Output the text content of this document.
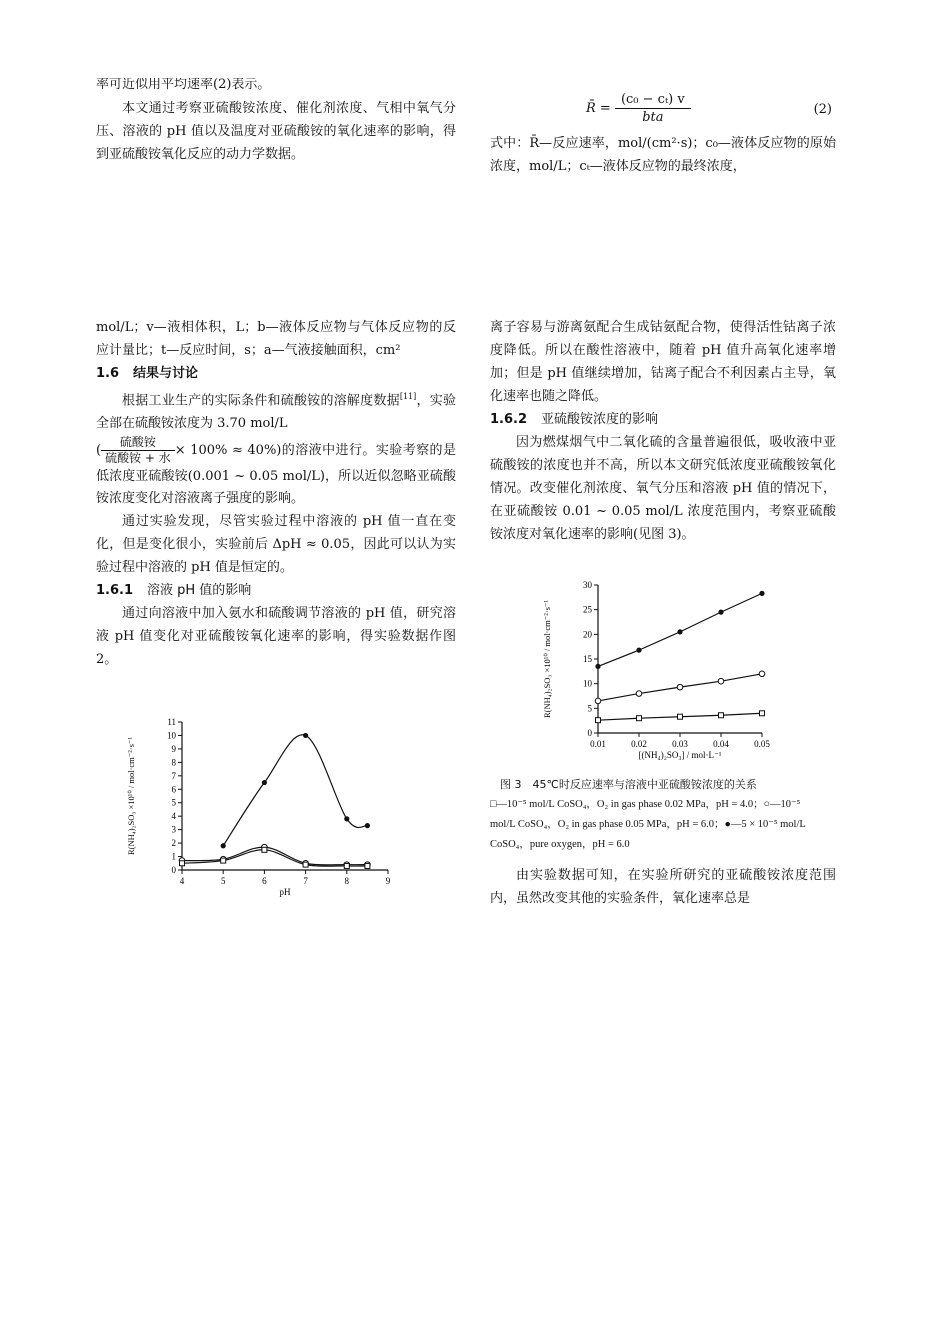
率可近似用平均速率(2)表示。

本文通过考察亚硫酸铵浓度、催化剂浓度、气相中氧气分压、溶液的 pH 值以及温度对亚硫酸铵的氧化速率的影响，得到亚硫酸铵氧化反应的动力学数据。

R̄ = $\frac{\text{(c₀ − cₜ) v}}{\text{bta}}$	(2)

式中：R̄—反应速率，mol/(cm²·s)；c₀—液体反应物的原始浓度，mol/L；cₜ—液体反应物的最终浓度，

mol/L；v—液相体积，L；b—液体反应物与气体反应物的反应计量比；t—反应时间，s；a—气液接触面积，cm²

1.6 结果与讨论

根据工业生产的实际条件和硫酸铵的溶解度数据[11]，实验全部在硫酸铵浓度为 3.70 mol/L

( $\frac{\text{硫酸铵}}{\text{硫酸铵 + 水}} \times 100\% \approx 40\%$)的溶液中进行。实验考察的是低浓度亚硫酸铵(0.001 ~ 0.05 mol/L)，所以近似忽略亚硫酸铵浓度变化对溶液离子强度的影响。

通过实验发现，尽管实验过程中溶液的 pH 值一直在变化，但是变化很小，实验前后 ΔpH ≈ 0.05，因此可以认为实验过程中溶液的 pH 值是恒定的。

1.6.1 溶液 pH 值的影响

通过向溶液中加入氨水和硫酸调节溶液的 pH 值，研究溶液 pH 值变化对亚硫酸铵氧化速率的影响，得实验数据作图 2。

4	5	6	7	8	9
0
1
2
3
4
5
6
7
8
9
10
11
pH
R(NH₄)₂SO₃ ×10¹⁰ / mol·cm⁻²·s⁻¹

离子容易与游离氨配合生成钴氨配合物，使得活性钴离子浓度降低。所以在酸性溶液中，随着 pH 值升高氧化速率增加；但是 pH 值继续增加，钴离子配合不利因素占主导，氧化速率也随之降低。

1.6.2 亚硫酸铵浓度的影响

因为燃煤烟气中二氧化硫的含量普遍很低，吸收液中亚硫酸铵的浓度也并不高，所以本文研究低浓度亚硫酸铵氧化情况。改变催化剂浓度、氧气分压和溶液 pH 值的情况下，在亚硫酸铵 0.01 ~ 0.05 mol/L 浓度范围内，考察亚硫酸铵浓度对氧化速率的影响(见图 3)。

0.01	0.02	0.03	0.04	0.05
0
5
10
15
20
25
30
[(NH₄)₂SO₃] / mol·L⁻¹
R(NH₄)₂SO₃ ×10¹⁰ / mol·cm⁻²·s⁻¹
图 3　45℃时反应速率与溶液中亚硫酸铵浓度的关系
□—10⁻⁵ mol/L CoSO₄，O₂ in gas phase 0.02 MPa，pH = 4.0；○—10⁻⁵
mol/L CoSO₄，O₂ in gas phase 0.05 MPa，pH = 6.0；●—5 × 10⁻⁵ mol/L
CoSO₄，pure oxygen，pH = 6.0

由实验数据可知，在实验所研究的亚硫酸铵浓度范围内，虽然改变其他的实验条件，氧化速率总是
